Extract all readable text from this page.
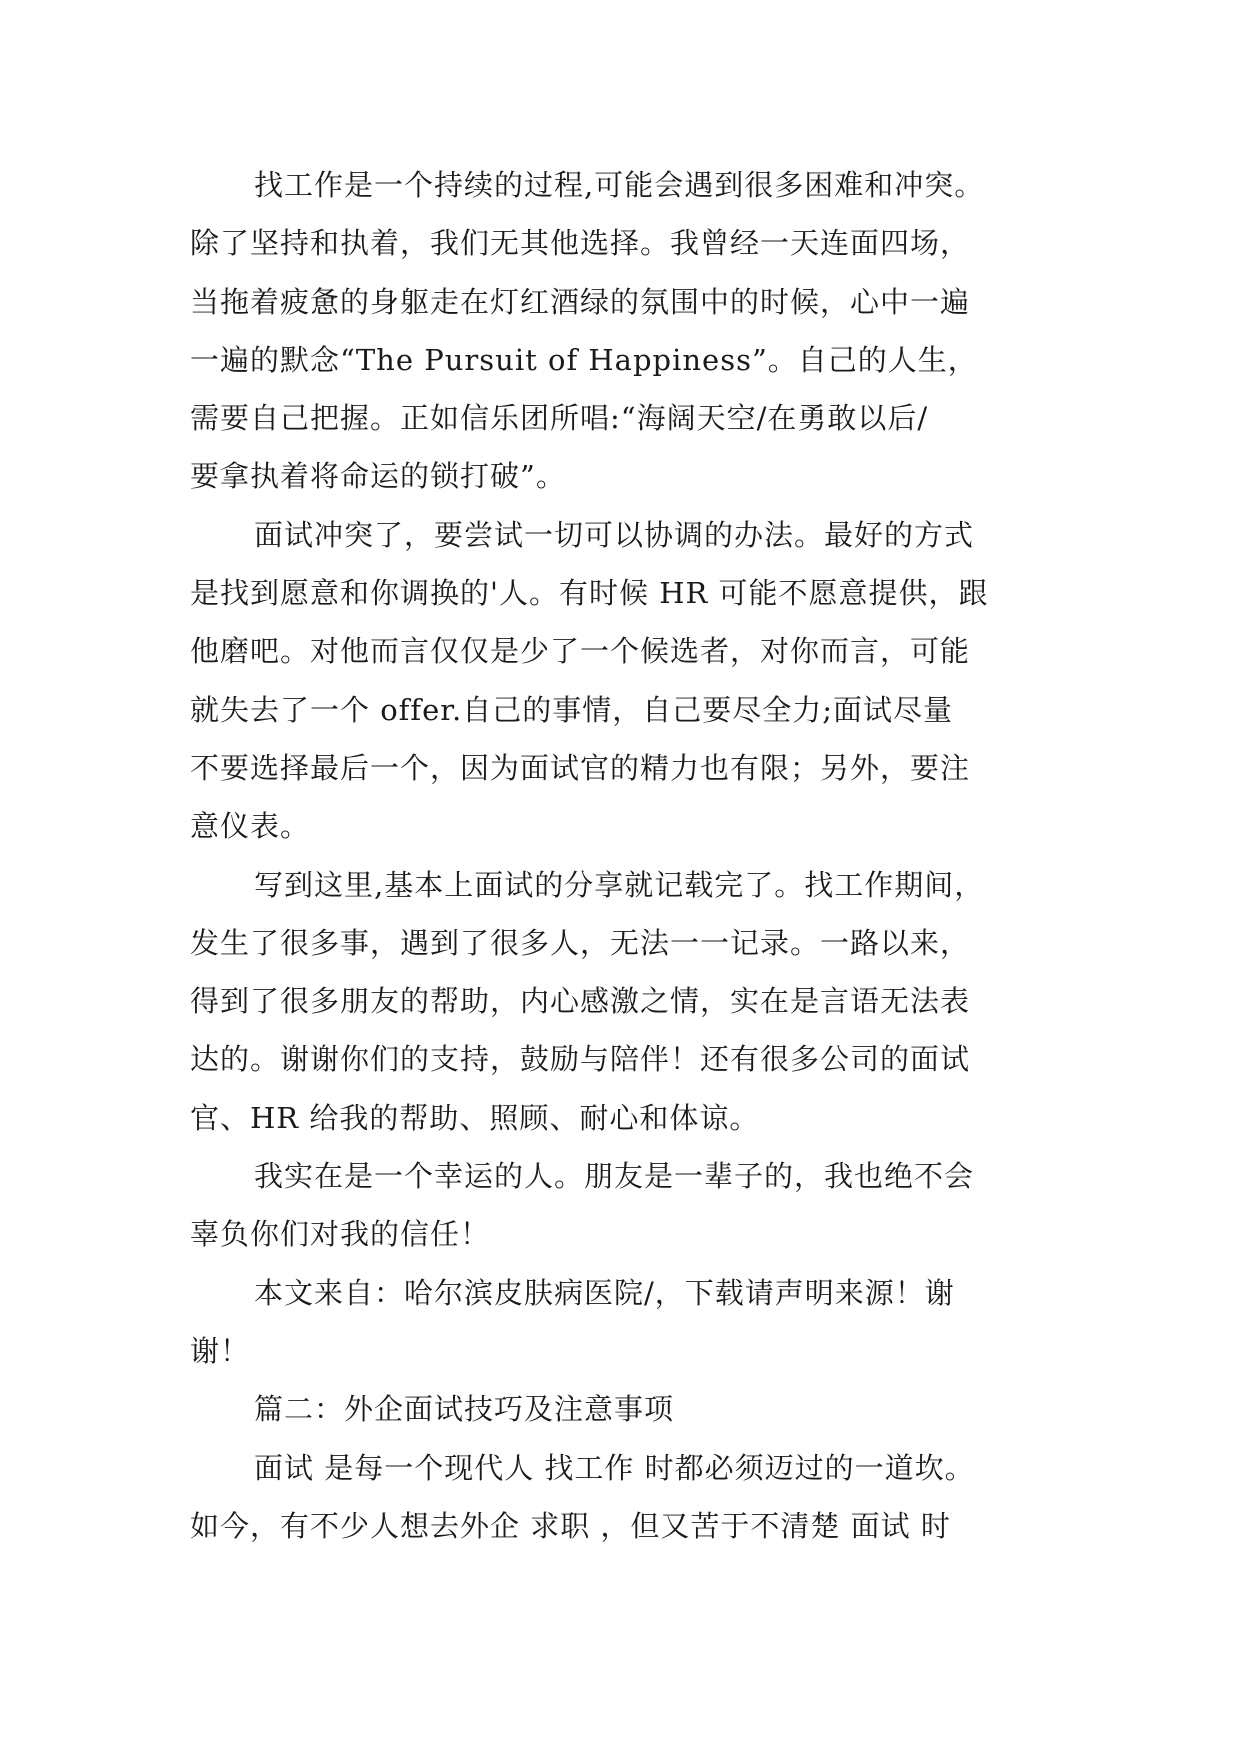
找工作是一个持续的过程,可能会遇到很多困难和冲突。
除了坚持和执着，我们无其他选择。我曾经一天连面四场，
当拖着疲惫的身躯走在灯红酒绿的氛围中的时候，心中一遍
一遍的默念“The Pursuit of Happiness”。自己的人生，
需要自己把握。正如信乐团所唱:“海阔天空/在勇敢以后/
要拿执着将命运的锁打破”。
面试冲突了，要尝试一切可以协调的办法。最好的方式
是找到愿意和你调换的'人。有时候 HR 可能不愿意提供，跟
他磨吧。对他而言仅仅是少了一个候选者，对你而言，可能
就失去了一个 offer.自己的事情，自己要尽全力;面试尽量
不要选择最后一个，因为面试官的精力也有限；另外，要注
意仪表。
写到这里,基本上面试的分享就记载完了。找工作期间，
发生了很多事，遇到了很多人，无法一一记录。一路以来，
得到了很多朋友的帮助，内心感激之情，实在是言语无法表
达的。谢谢你们的支持，鼓励与陪伴！还有很多公司的面试
官、HR 给我的帮助、照顾、耐心和体谅。
我实在是一个幸运的人。朋友是一辈子的，我也绝不会
辜负你们对我的信任！
本文来自：哈尔滨皮肤病医院/，下载请声明来源！谢
谢！
篇二：外企面试技巧及注意事项
面试 是每一个现代人 找工作 时都必须迈过的一道坎。
如今，有不少人想去外企 求职 ，但又苦于不清楚 面试 时
